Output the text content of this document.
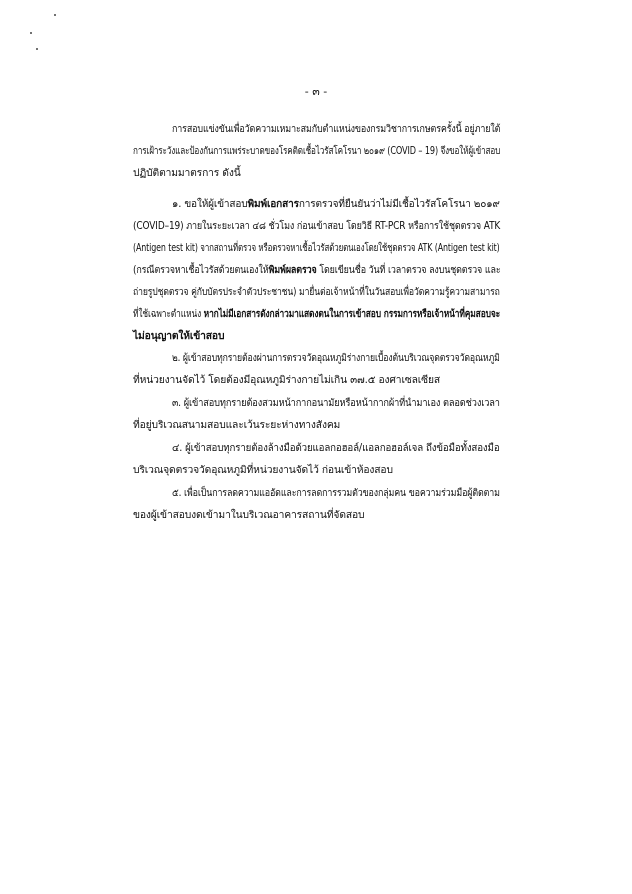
- ๓ -
การสอบแข่งขันเพื่อวัดความเหมาะสมกับตำแหน่งของกรมวิชาการเกษตรครั้งนี้ อยู่ภายใต้
การเฝ้าระวังและป้องกันการแพร่ระบาดของโรคติดเชื้อไวรัสโคโรนา ๒๐๑๙ (COVID – 19) จึงขอให้ผู้เข้าสอบ
ปฏิบัติตามมาตรการ ดังนี้
๑. ขอให้ผู้เข้าสอบพิมพ์เอกสารการตรวจที่ยืนยันว่าไม่มีเชื้อไวรัสโคโรนา ๒๐๑๙
(COVID–19) ภายในระยะเวลา ๔๘ ชั่วโมง ก่อนเข้าสอบ โดยวิธี RT-PCR หรือการใช้ชุดตรวจ ATK
(Antigen test kit) จากสถานที่ตรวจ หรือตรวจหาเชื้อไวรัสด้วยตนเองโดยใช้ชุดตรวจ ATK (Antigen test kit)
(กรณีตรวจหาเชื้อไวรัสด้วยตนเองให้พิมพ์ผลตรวจ โดยเขียนชื่อ วันที่ เวลาตรวจ ลงบนชุดตรวจ และ
ถ่ายรูปชุดตรวจ คู่กับบัตรประจำตัวประชาชน) มายื่นต่อเจ้าหน้าที่ในวันสอบเพื่อวัดความรู้ความสามารถ
ที่ใช้เฉพาะตำแหน่ง หากไม่มีเอกสารดังกล่าวมาแสดงตนในการเข้าสอบ กรรมการหรือเจ้าหน้าที่คุมสอบจะ
ไม่อนุญาตให้เข้าสอบ
๒. ผู้เข้าสอบทุกรายต้องผ่านการตรวจวัดอุณหภูมิร่างกายเบื้องต้นบริเวณจุดตรวจวัดอุณหภูมิ
ที่หน่วยงานจัดไว้ โดยต้องมีอุณหภูมิร่างกายไม่เกิน ๓๗.๕ องศาเซลเซียส
๓. ผู้เข้าสอบทุกรายต้องสวมหน้ากากอนามัยหรือหน้ากากผ้าที่นำมาเอง ตลอดช่วงเวลา
ที่อยู่บริเวณสนามสอบและเว้นระยะห่างทางสังคม
๔. ผู้เข้าสอบทุกรายต้องล้างมือด้วยแอลกอฮอล์/แอลกอฮอล์เจล ถึงข้อมือทั้งสองมือ
บริเวณจุดตรวจวัดอุณหภูมิที่หน่วยงานจัดไว้ ก่อนเข้าห้องสอบ
๕. เพื่อเป็นการลดความแออัดและการลดการรวมตัวของกลุ่มคน ขอความร่วมมือผู้ติดตาม
ของผู้เข้าสอบงดเข้ามาในบริเวณอาคารสถานที่จัดสอบ
